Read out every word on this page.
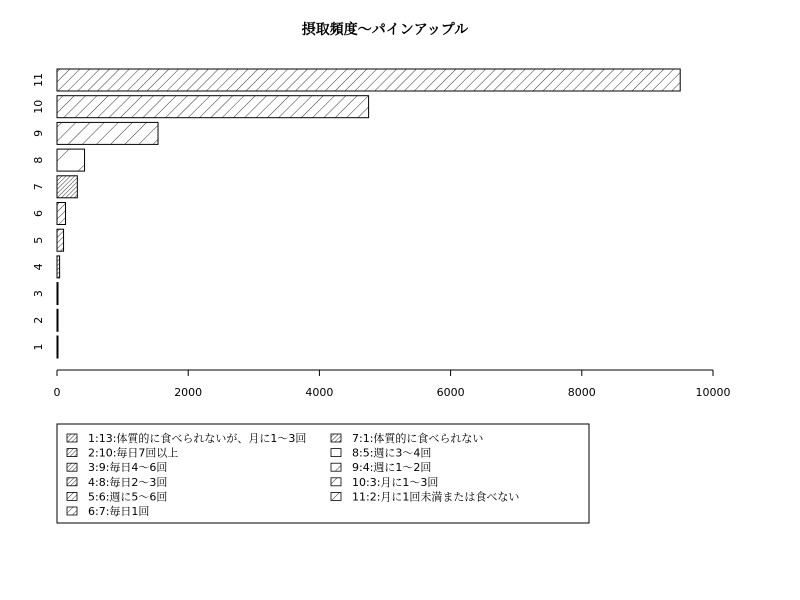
摂取頻度〜パインアップル
1
2
3
4
5
6
7
8
9
10
11
0	2000	4000	6000	8000	10000
1:13:体質的に食べられないが、月に1〜3回
2:10:毎日7回以上
3:9:毎日4〜6回
4:8:毎日2〜3回
5:6:週に5〜6回
6:7:毎日1回
7:1:体質的に食べられない
8:5:週に3〜4回
9:4:週に1〜2回
10:3:月に1〜3回
11:2:月に1回未満または食べない
